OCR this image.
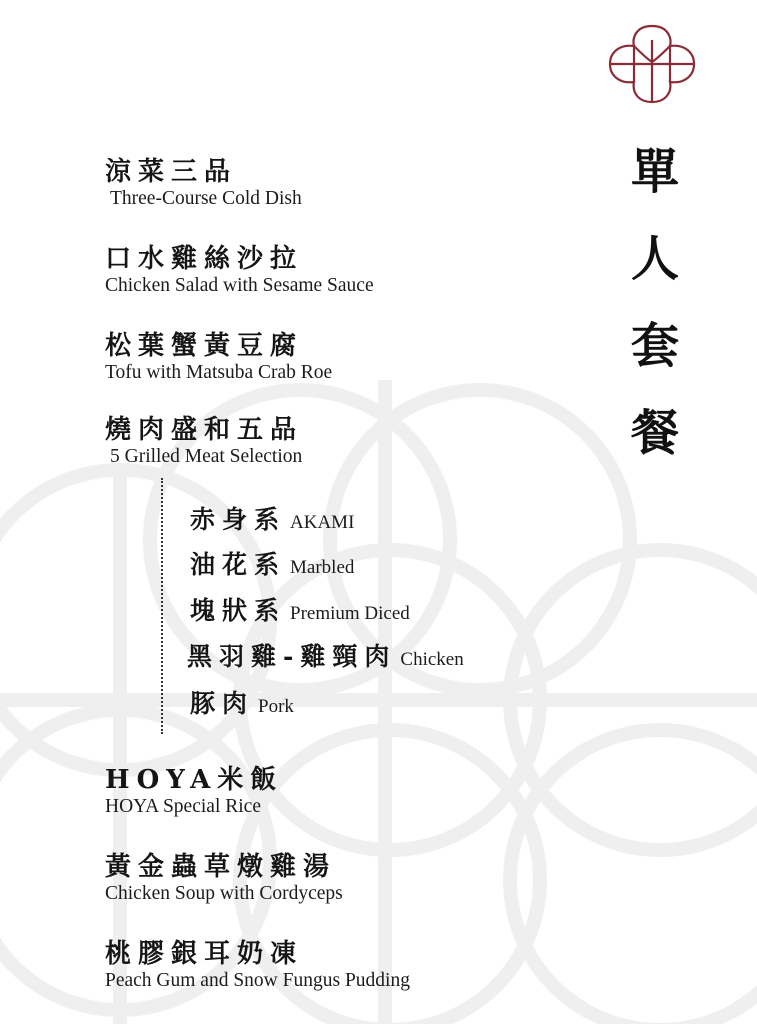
單
人
套
餐
涼菜三品
Three-Course Cold Dish
口水雞絲沙拉
Chicken Salad with Sesame Sauce
松葉蟹黃豆腐
Tofu with Matsuba Crab Roe
燒肉盛和五品
5 Grilled Meat Selection
赤身系 AKAMI
油花系 Marbled
塊狀系 Premium Diced
黑羽雞-雞頸肉 Chicken
豚肉 Pork
HOYA米飯
HOYA Special Rice
黃金蟲草燉雞湯
Chicken Soup with Cordyceps
桃膠銀耳奶凍
Peach Gum and Snow Fungus Pudding
